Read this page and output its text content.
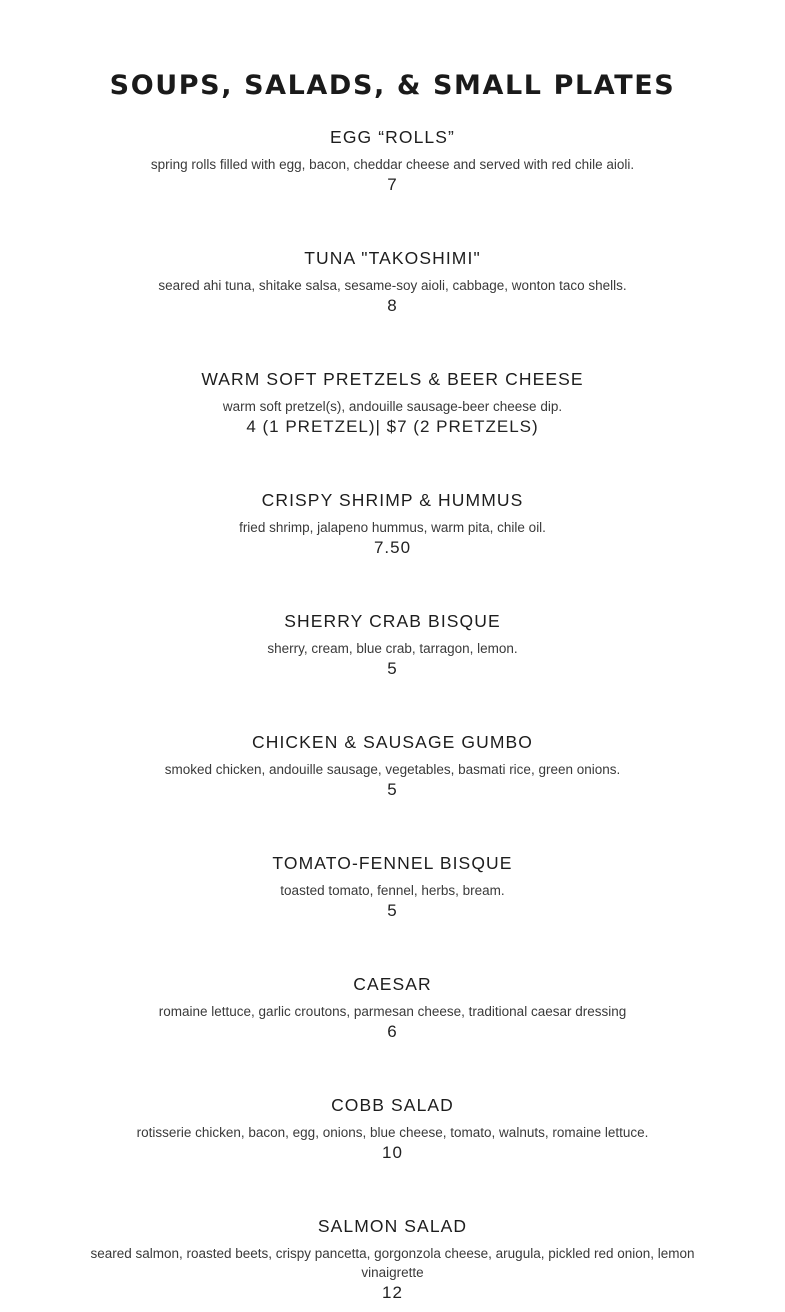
SOUPS, SALADS, & SMALL PLATES
EGG “ROLLS”
spring rolls filled with egg, bacon, cheddar cheese and served with red chile aioli.
7
TUNA "TAKOSHIMI"
seared ahi tuna, shitake salsa, sesame-soy aioli, cabbage, wonton taco shells.
8
WARM SOFT PRETZELS & BEER CHEESE
warm soft pretzel(s), andouille sausage-beer cheese dip.
4 (1 PRETZEL)| $7 (2 PRETZELS)
CRISPY SHRIMP & HUMMUS
fried shrimp, jalapeno hummus, warm pita, chile oil.
7.50
SHERRY CRAB BISQUE
sherry, cream, blue crab, tarragon, lemon.
5
CHICKEN & SAUSAGE GUMBO
smoked chicken, andouille sausage, vegetables, basmati rice, green onions.
5
TOMATO-FENNEL BISQUE
toasted tomato, fennel, herbs, bream.
5
CAESAR
romaine lettuce, garlic croutons, parmesan cheese, traditional caesar dressing
6
COBB SALAD
rotisserie chicken, bacon, egg, onions, blue cheese, tomato, walnuts, romaine lettuce.
10
SALMON SALAD
seared salmon, roasted beets, crispy pancetta, gorgonzola cheese, arugula, pickled red onion, lemon vinaigrette
12
